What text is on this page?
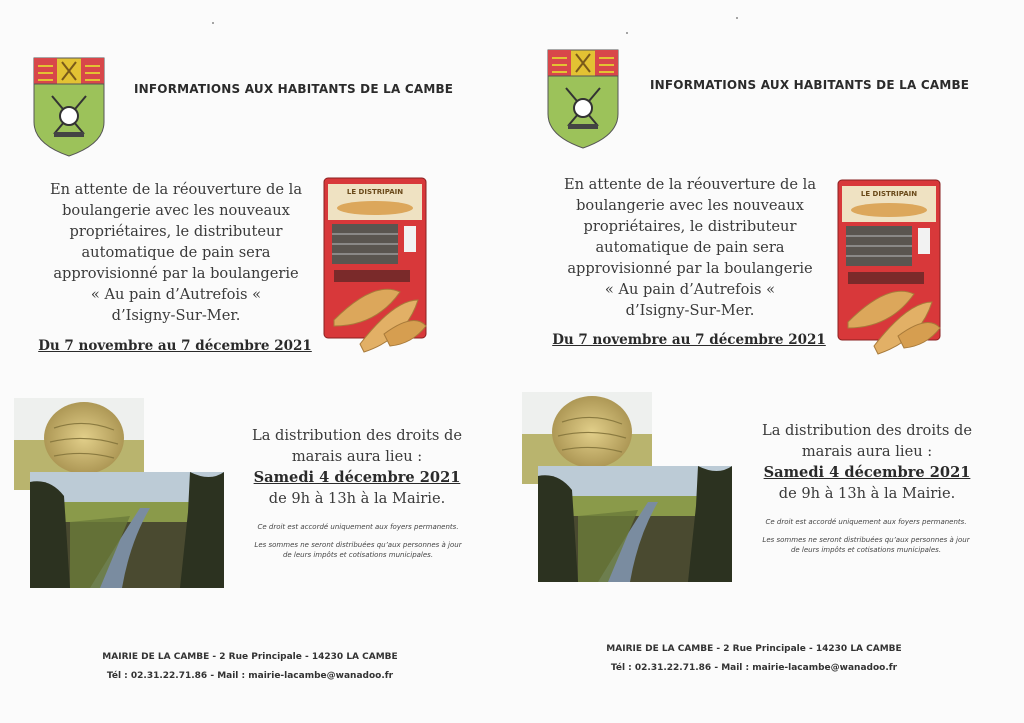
INFORMATIONS AUX HABITANTS DE LA CAMBE
En attente de la réouverture de la
boulangerie avec les nouveaux
propriétaires, le distributeur
automatique de pain sera
approvisionné par la boulangerie
« Au pain d’Autrefois «
d’Isigny-Sur-Mer.
Du 7 novembre au 7 décembre 2021
LE DISTRIPAIN
La distribution des droits de
marais aura lieu :
Samedi 4 décembre 2021
de 9h à 13h à la Mairie.

Ce droit est accordé uniquement aux foyers permanents.

Les sommes ne seront distribuées qu’aux personnes à jour
de leurs impôts et cotisations municipales.

MAIRIE DE LA CAMBE - 2 Rue Principale - 14230 LA CAMBE
Tél : 02.31.22.71.86 - Mail : mairie-lacambe@wanadoo.fr
INFORMATIONS AUX HABITANTS DE LA CAMBE
En attente de la réouverture de la
boulangerie avec les nouveaux
propriétaires, le distributeur
automatique de pain sera
approvisionné par la boulangerie
« Au pain d’Autrefois «
d’Isigny-Sur-Mer.
Du 7 novembre au 7 décembre 2021
LE DISTRIPAIN
La distribution des droits de
marais aura lieu :
Samedi 4 décembre 2021
de 9h à 13h à la Mairie.

Ce droit est accordé uniquement aux foyers permanents.

Les sommes ne seront distribuées qu’aux personnes à jour
de leurs impôts et cotisations municipales.

MAIRIE DE LA CAMBE - 2 Rue Principale - 14230 LA CAMBE
Tél : 02.31.22.71.86 - Mail : mairie-lacambe@wanadoo.fr
